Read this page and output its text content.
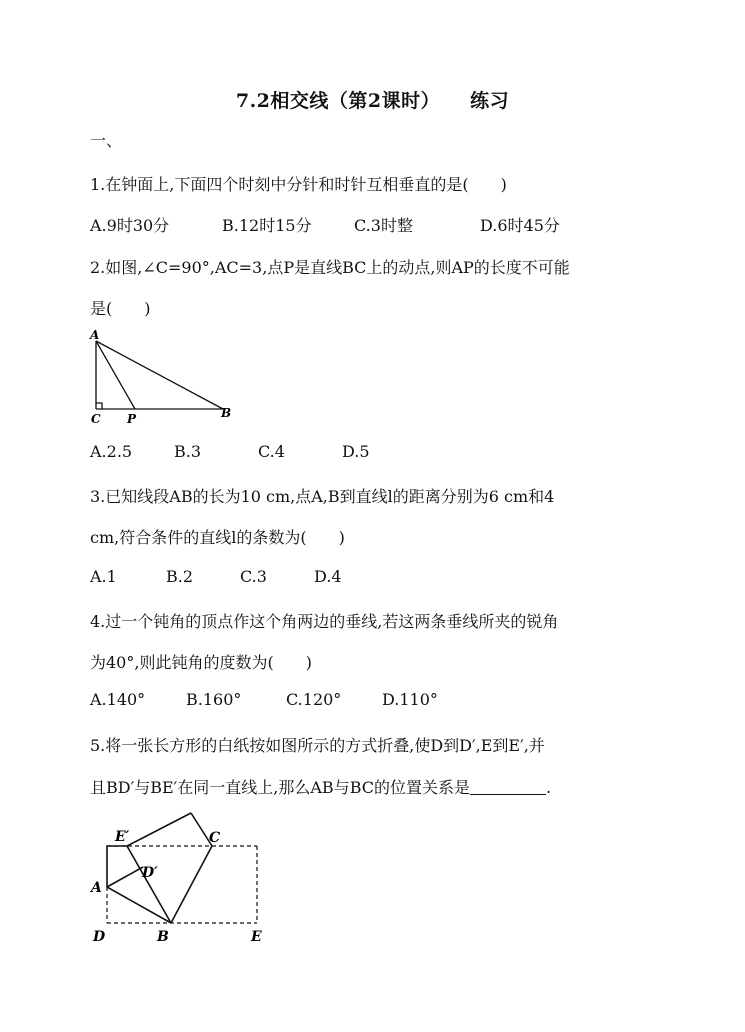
7.2相交线（第2课时） 练习
一、
1.在钟面上,下面四个时刻中分针和时针互相垂直的是(　　)
A.9时30分	B.12时15分	C.3时整	D.6时45分
2.如图,∠C=90°,AC=3,点P是直线BC上的动点,则AP的长度不可能
是(　　)
A
C P	B
A.2.5	B.3	C.4	D.5
3.已知线段AB的长为10 cm,点A,B到直线l的距离分别为6 cm和4
cm,符合条件的直线l的条数为(　　)
A.1	B.2	C.3	D.4
4.过一个钝角的顶点作这个角两边的垂线,若这两条垂线所夹的锐角
为40°,则此钝角的度数为(　　)
A.140°	B.160°	C.120°	D.110°
5.将一张长方形的白纸按如图所示的方式折叠,使D到D′,E到E′,并
且BD′与BE′在同一直线上,那么AB与BC的位置关系是	.
E′	C
D′
A
D	B	E
